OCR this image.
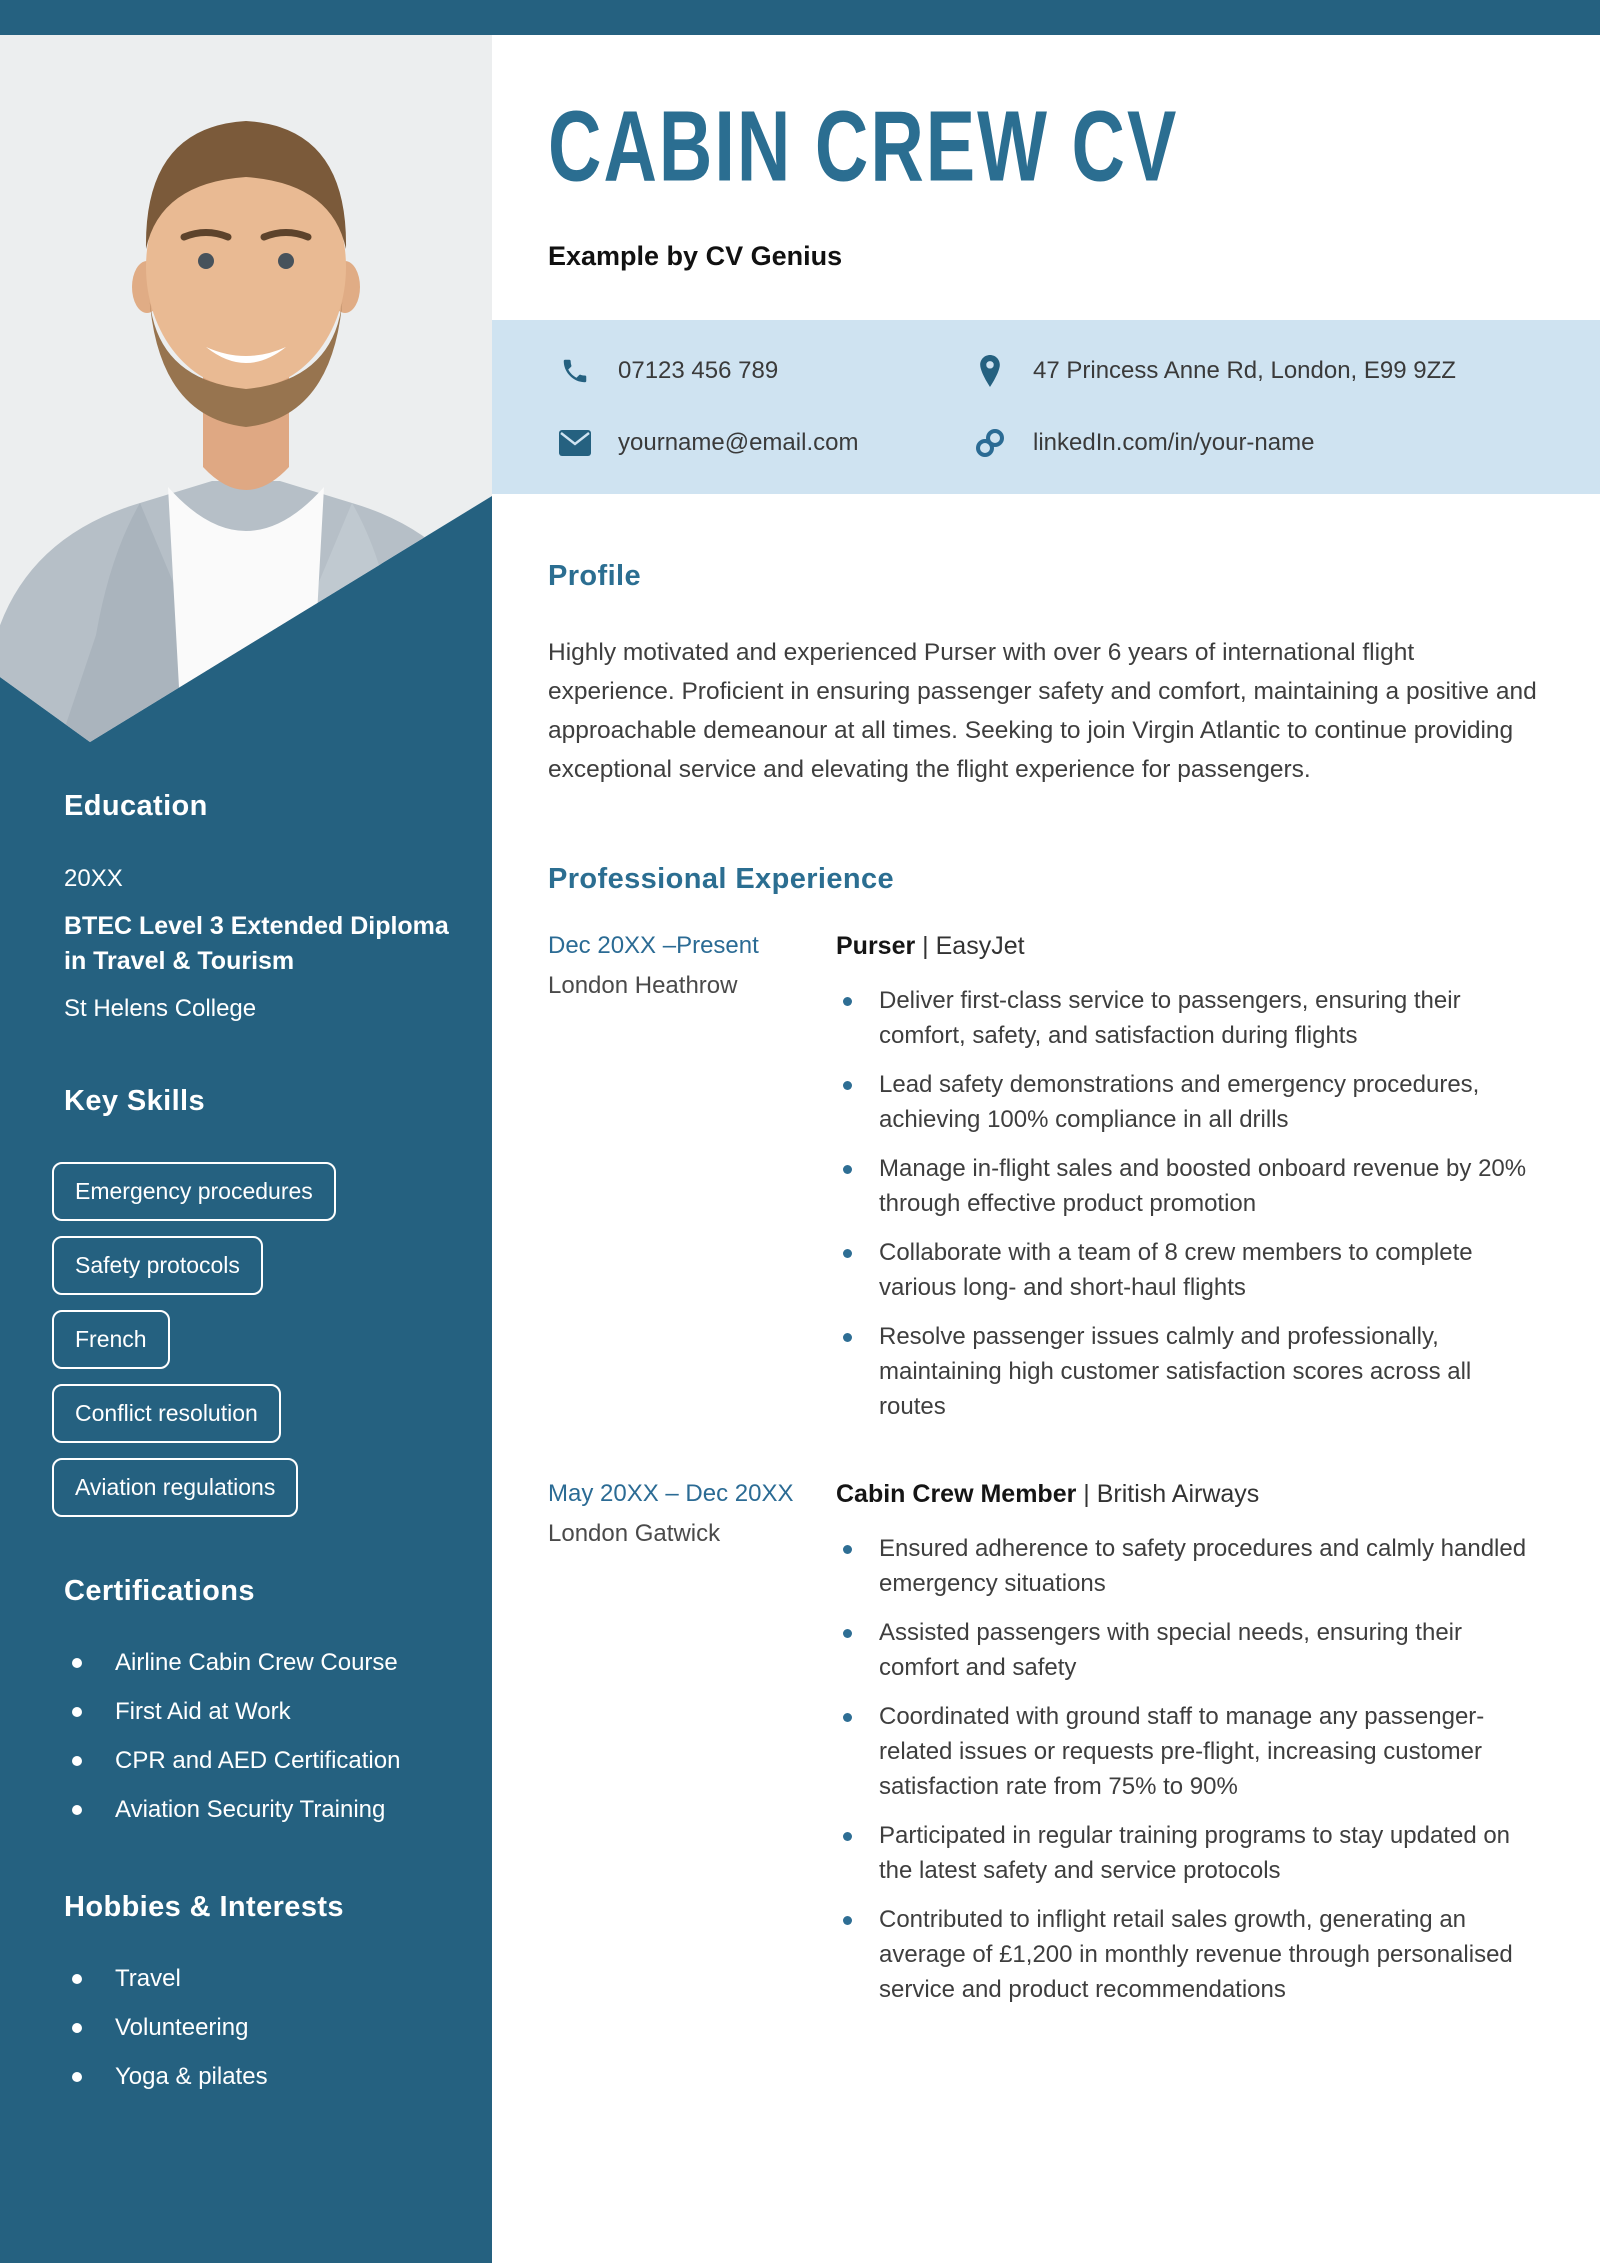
Education
20XX
BTEC Level 3 Extended Diploma in Travel & Tourism
St Helens College
Key Skills
Emergency procedures
Safety protocols
French
Conflict resolution
Aviation regulations
Certifications
Airline Cabin Crew Course
First Aid at Work
CPR and AED Certification
Aviation Security Training
Hobbies & Interests
Travel
Volunteering
Yoga & pilates
CABIN CREW CV
Example by CV Genius
07123 456 789	47 Princess Anne Rd, London, E99 9ZZ
yourname@email.com	linkedIn.com/in/your-name
Profile

Highly motivated and experienced Purser with over 6 years of international flight experience. Proficient in ensuring passenger safety and comfort, maintaining a positive and approachable demeanour at all times. Seeking to join Virgin Atlantic to continue providing exceptional service and elevating the flight experience for passengers.

Professional Experience
Dec 20XX –Present
London Heathrow
Purser | EasyJet
Deliver first-class service to passengers, ensuring their comfort, safety, and satisfaction during flights
Lead safety demonstrations and emergency procedures, achieving 100% compliance in all drills
Manage in-flight sales and boosted onboard revenue by 20% through effective product promotion
Collaborate with a team of 8 crew members to complete various long- and short-haul flights
Resolve passenger issues calmly and professionally, maintaining high customer satisfaction scores across all routes
May 20XX – Dec 20XX
London Gatwick
Cabin Crew Member | British Airways
Ensured adherence to safety procedures and calmly handled emergency situations
Assisted passengers with special needs, ensuring their comfort and safety
Coordinated with ground staff to manage any passenger-related issues or requests pre-flight, increasing customer satisfaction rate from 75% to 90%
Participated in regular training programs to stay updated on the latest safety and service protocols
Contributed to inflight retail sales growth, generating an average of £1,200 in monthly revenue through personalised service and product recommendations
